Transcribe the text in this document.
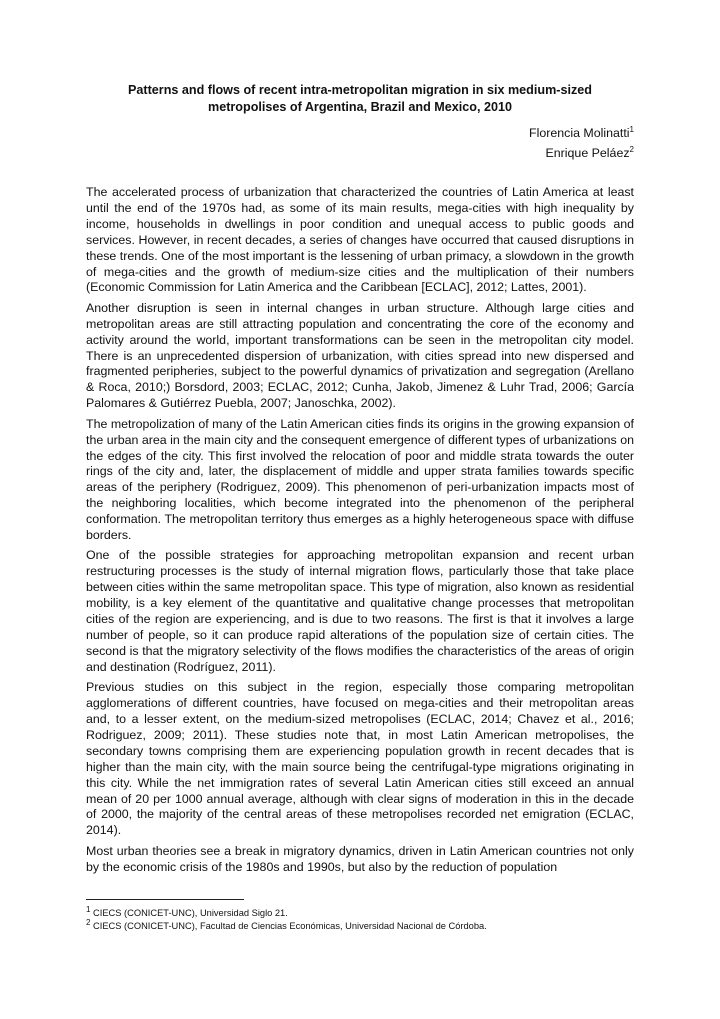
Patterns and flows of recent intra-metropolitan migration in six medium-sized
metropolises of Argentina, Brazil and Mexico, 2010
Florencia Molinatti$^1$
Enrique Peláez$^2$

The accelerated process of urbanization that characterized the countries of Latin America at least until the end of the 1970s had, as some of its main results, mega-cities with high inequality by income, households in dwellings in poor condition and unequal access to public goods and services. However, in recent decades, a series of changes have occurred that caused disruptions in these trends. One of the most important is the lessening of urban primacy, a slowdown in the growth of mega-cities and the growth of medium-size cities and the multiplication of their numbers (Economic Commission for Latin America and the Caribbean [ECLAC], 2012; Lattes, 2001).

Another disruption is seen in internal changes in urban structure. Although large cities and metropolitan areas are still attracting population and concentrating the core of the economy and activity around the world, important transformations can be seen in the metropolitan city model. There is an unprecedented dispersion of urbanization, with cities spread into new dispersed and fragmented peripheries, subject to the powerful dynamics of privatization and segregation (Arellano & Roca, 2010;) Borsdord, 2003; ECLAC, 2012; Cunha, Jakob, Jimenez & Luhr Trad, 2006; García Palomares & Gutiérrez Puebla, 2007; Janoschka, 2002).

The metropolization of many of the Latin American cities finds its origins in the growing expansion of the urban area in the main city and the consequent emergence of different types of urbanizations on the edges of the city. This first involved the relocation of poor and middle strata towards the outer rings of the city and, later, the displacement of middle and upper strata families towards specific areas of the periphery (Rodriguez, 2009). This phenomenon of peri-urbanization impacts most of the neighboring localities, which become integrated into the phenomenon of the peripheral conformation. The metropolitan territory thus emerges as a highly heterogeneous space with diffuse borders.

One of the possible strategies for approaching metropolitan expansion and recent urban restructuring processes is the study of internal migration flows, particularly those that take place between cities within the same metropolitan space. This type of migration, also known as residential mobility, is a key element of the quantitative and qualitative change processes that metropolitan cities of the region are experiencing, and is due to two reasons. The first is that it involves a large number of people, so it can produce rapid alterations of the population size of certain cities. The second is that the migratory selectivity of the flows modifies the characteristics of the areas of origin and destination (Rodríguez, 2011).

Previous studies on this subject in the region, especially those comparing metropolitan agglomerations of different countries, have focused on mega-cities and their metropolitan areas and, to a lesser extent, on the medium-sized metropolises (ECLAC, 2014; Chavez et al., 2016; Rodriguez, 2009; 2011). These studies note that, in most Latin American metropolises, the secondary towns comprising them are experiencing population growth in recent decades that is higher than the main city, with the main source being the centrifugal-type migrations originating in this city. While the net immigration rates of several Latin American cities still exceed an annual mean of 20 per 1000 annual average, although with clear signs of moderation in this in the decade of 2000, the majority of the central areas of these metropolises recorded net emigration (ECLAC, 2014).

Most urban theories see a break in migratory dynamics, driven in Latin American countries not only by the economic crisis of the 1980s and 1990s, but also by the reduction of population

$^1$ CIECS (CONICET-UNC), Universidad Siglo 21.

$^2$ CIECS (CONICET-UNC), Facultad de Ciencias Económicas, Universidad Nacional de Córdoba.
